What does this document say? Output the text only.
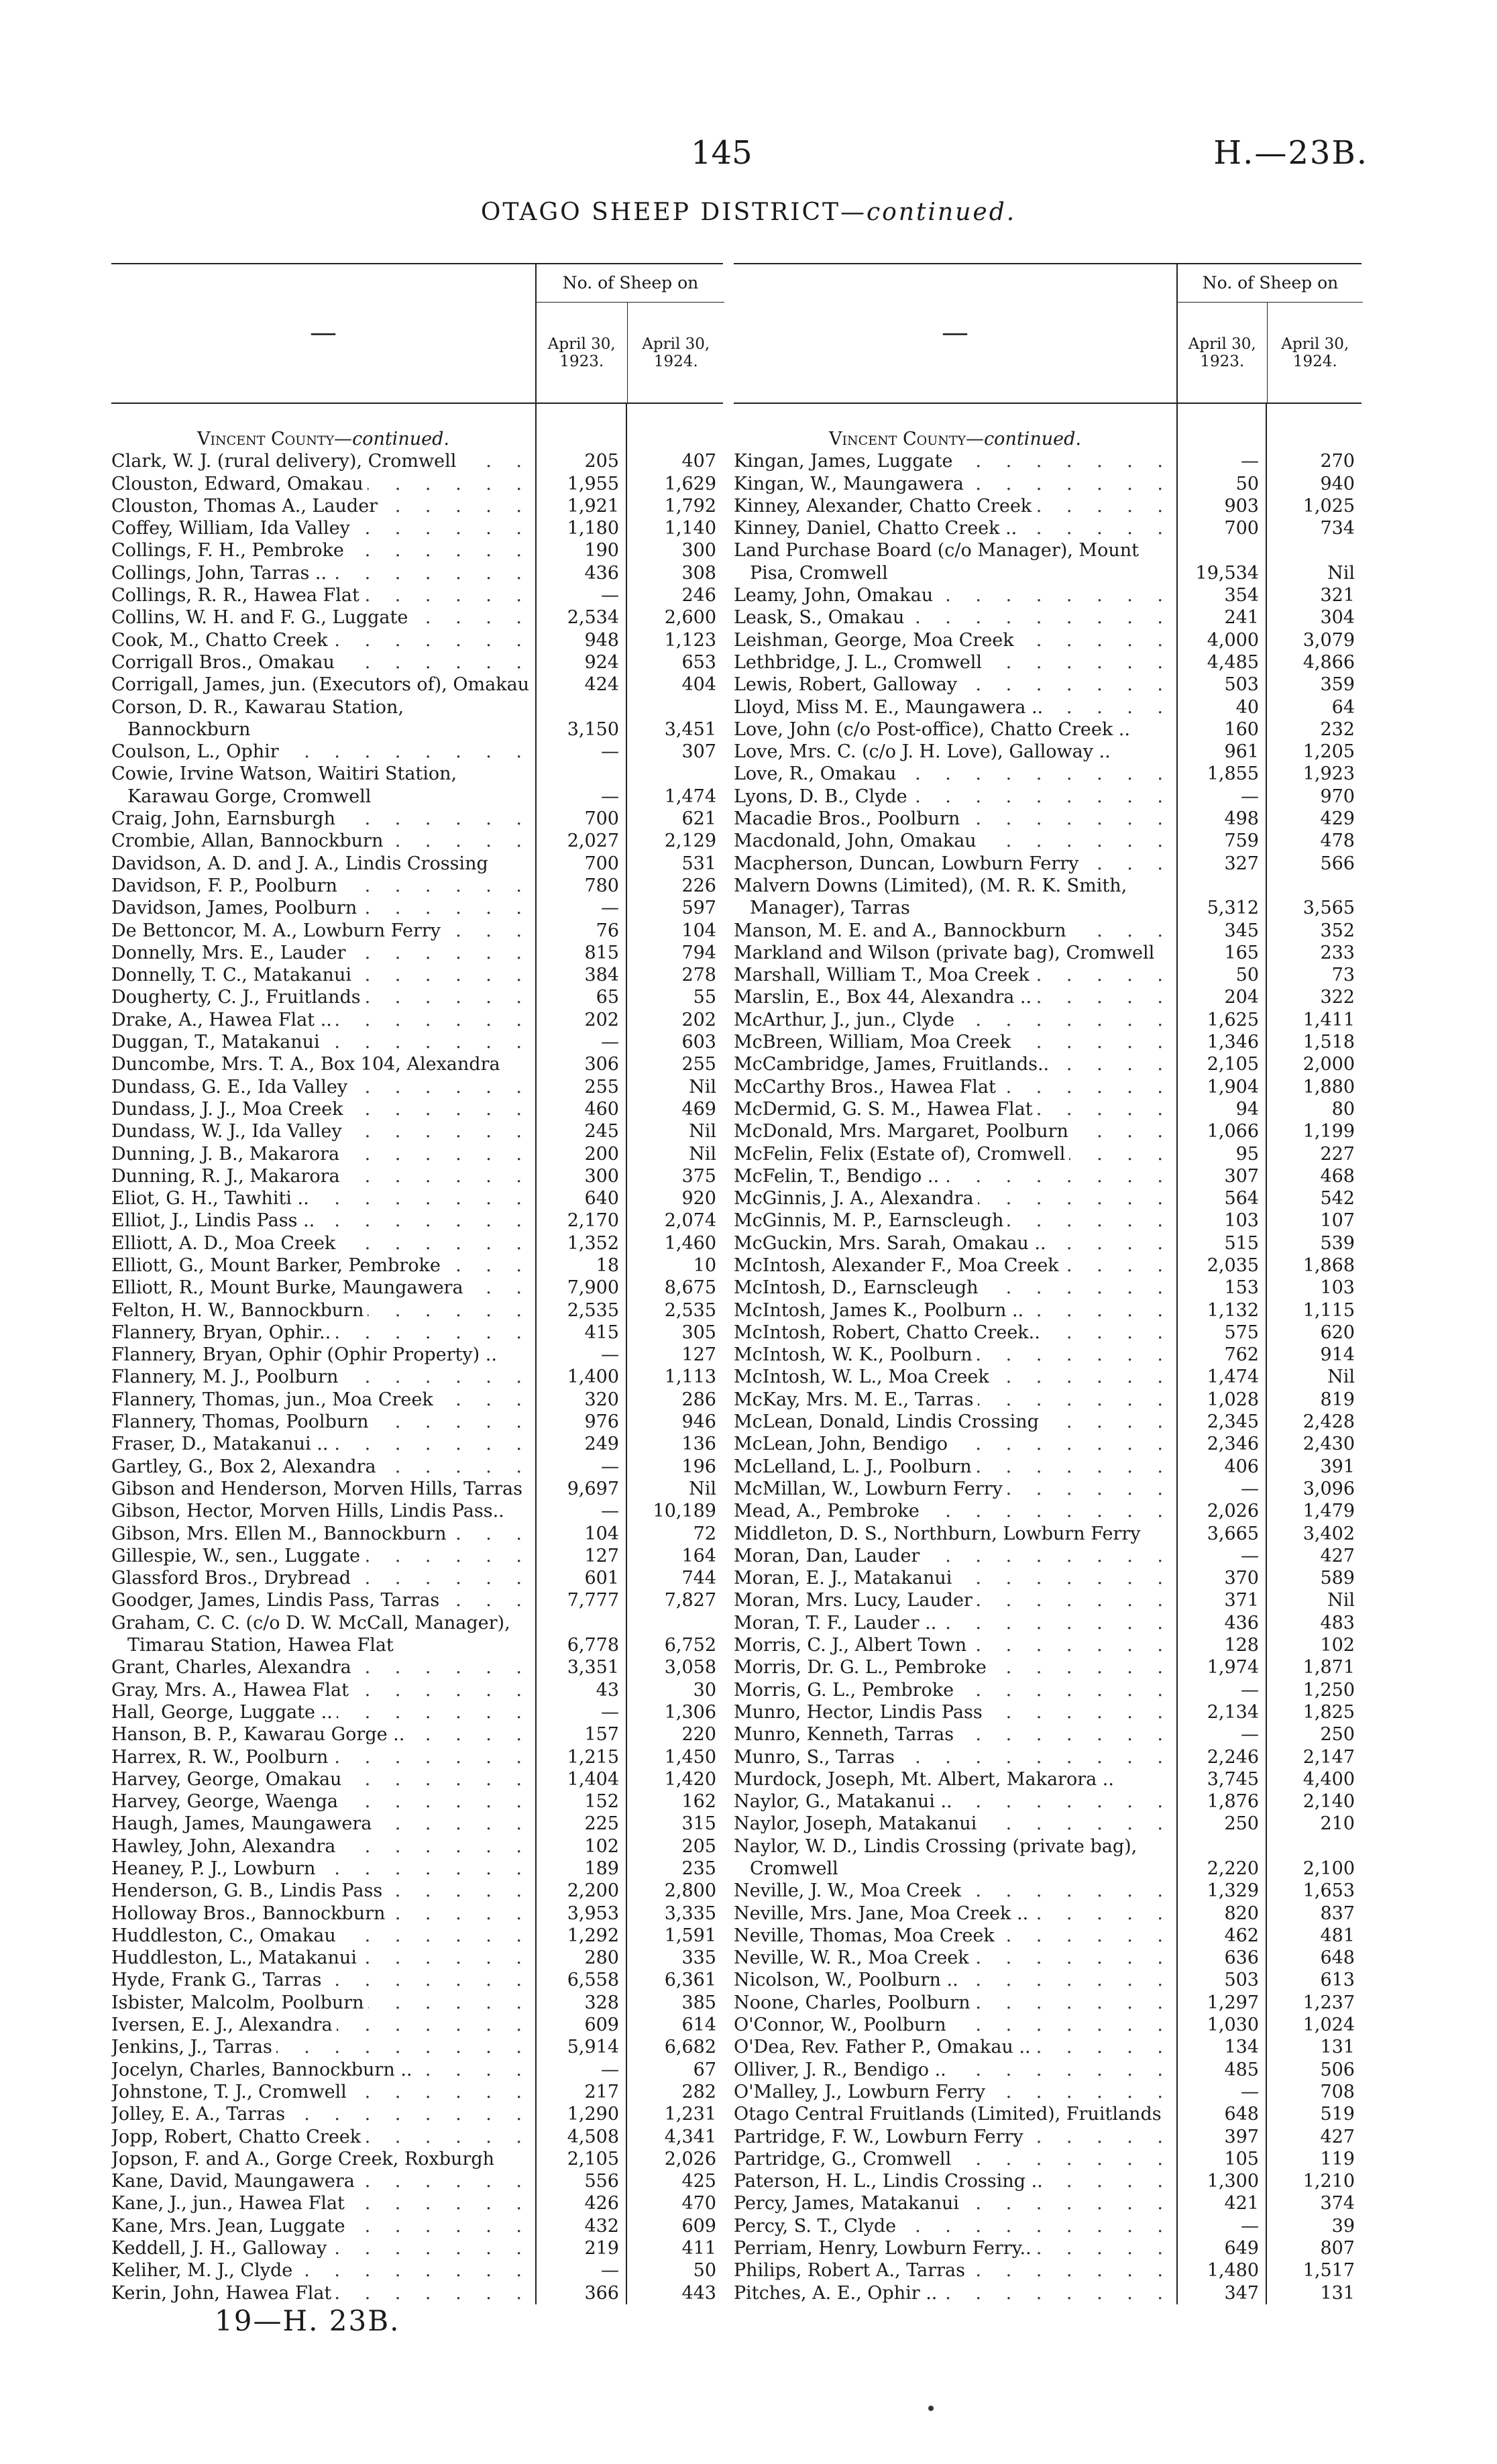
145	H.—23B.
OTAGO SHEEP DISTRICT—continued.
—
No. of Sheep on
April 30, 1923.
April 30, 1924.
Vincent County—continued.
Clark, W. J. (rural delivery), Cromwell . . .	205	407
Clouston, Edward, Omakau . . .	1,955	1,629
Clouston, Thomas A., Lauder . . .	1,921	1,792
Coffey, William, Ida Valley . . .	1,180	1,140
Collings, F. H., Pembroke . . .	190	300
Collings, John, Tarras .. . . .	436	308
Collings, R. R., Hawea Flat . . .	—	246
Collins, W. H. and F. G., Luggate . . .	2,534	2,600
Cook, M., Chatto Creek . . .	948	1,123
Corrigall Bros., Omakau . . .	924	653
Corrigall, James, jun. (Executors of), Omakau	424	404
Corson, D. R., Kawarau Station, Bannockburn	3,150	3,451
Coulson, L., Ophir . . .	—	307
Cowie, Irvine Watson, Waitiri Station, Karawau Gorge, Cromwell	—	1,474
Craig, John, Earnsburgh . . .	700	621
Crombie, Allan, Bannockburn . . .	2,027	2,129
Davidson, A. D. and J. A., Lindis Crossing	700	531
Davidson, F. P., Poolburn . . .	780	226
Davidson, James, Poolburn . . .	—	597
De Bettoncor, M. A., Lowburn Ferry . . .	76	104
Donnelly, Mrs. E., Lauder . . .	815	794
Donnelly, T. C., Matakanui . . .	384	278
Dougherty, C. J., Fruitlands . . .	65	55
Drake, A., Hawea Flat .. . . .	202	202
Duggan, T., Matakanui . . .	—	603
Duncombe, Mrs. T. A., Box 104, Alexandra	306	255
Dundass, G. E., Ida Valley . . .	255	Nil
Dundass, J. J., Moa Creek . . .	460	469
Dundass, W. J., Ida Valley . . .	245	Nil
Dunning, J. B., Makarora . . .	200	Nil
Dunning, R. J., Makarora . . .	300	375
Eliot, G. H., Tawhiti .. . . .	640	920
Elliot, J., Lindis Pass .. . . .	2,170	2,074
Elliott, A. D., Moa Creek . . .	1,352	1,460
Elliott, G., Mount Barker, Pembroke . . .	18	10
Elliott, R., Mount Burke, Maungawera . . .	7,900	8,675
Felton, H. W., Bannockburn . . .	2,535	2,535
Flannery, Bryan, Ophir.. . . .	415	305
Flannery, Bryan, Ophir (Ophir Property) ..	—	127
Flannery, M. J., Poolburn . . .	1,400	1,113
Flannery, Thomas, jun., Moa Creek . . .	320	286
Flannery, Thomas, Poolburn . . .	976	946
Fraser, D., Matakanui .. . . .	249	136
Gartley, G., Box 2, Alexandra . . .	—	196
Gibson and Henderson, Morven Hills, Tarras	9,697	Nil
Gibson, Hector, Morven Hills, Lindis Pass..	—	10,189
Gibson, Mrs. Ellen M., Bannockburn . . .	104	72
Gillespie, W., sen., Luggate . . .	127	164
Glassford Bros., Drybread . . .	601	744
Goodger, James, Lindis Pass, Tarras . . .	7,777	7,827
Graham, C. C. (c/o D. W. McCall, Manager), Timarau Station, Hawea Flat	6,778	6,752
Grant, Charles, Alexandra . . .	3,351	3,058
Gray, Mrs. A., Hawea Flat . . .	43	30
Hall, George, Luggate .. . . .	—	1,306
Hanson, B. P., Kawarau Gorge .. . . .	157	220
Harrex, R. W., Poolburn . . .	1,215	1,450
Harvey, George, Omakau . . .	1,404	1,420
Harvey, George, Waenga . . .	152	162
Haugh, James, Maungawera . . .	225	315
Hawley, John, Alexandra . . .	102	205
Heaney, P. J., Lowburn . . .	189	235
Henderson, G. B., Lindis Pass . . .	2,200	2,800
Holloway Bros., Bannockburn . . .	3,953	3,335
Huddleston, C., Omakau . . .	1,292	1,591
Huddleston, L., Matakanui . . .	280	335
Hyde, Frank G., Tarras . . .	6,558	6,361
Isbister, Malcolm, Poolburn . . .	328	385
Iversen, E. J., Alexandra . . .	609	614
Jenkins, J., Tarras . . .	5,914	6,682
Jocelyn, Charles, Bannockburn .. . . .	—	67
Johnstone, T. J., Cromwell . . .	217	282
Jolley, E. A., Tarras . . .	1,290	1,231
Jopp, Robert, Chatto Creek . . .	4,508	4,341
Jopson, F. and A., Gorge Creek, Roxburgh	2,105	2,026
Kane, David, Maungawera . . .	556	425
Kane, J., jun., Hawea Flat . . .	426	470
Kane, Mrs. Jean, Luggate . . .	432	609
Keddell, J. H., Galloway . . .	219	411
Keliher, M. J., Clyde . . .	—	50
Kerin, John, Hawea Flat . . .	366	443
—
No. of Sheep on
April 30, 1923.
April 30, 1924.
Vincent County—continued.
Kingan, James, Luggate . . .	—	270
Kingan, W., Maungawera . . .	50	940
Kinney, Alexander, Chatto Creek . . .	903	1,025
Kinney, Daniel, Chatto Creek .. . . .	700	734
Land Purchase Board (c/o Manager), Mount Pisa, Cromwell	19,534	Nil
Leamy, John, Omakau . . .	354	321
Leask, S., Omakau . . .	241	304
Leishman, George, Moa Creek . . .	4,000	3,079
Lethbridge, J. L., Cromwell . . .	4,485	4,866
Lewis, Robert, Galloway . . .	503	359
Lloyd, Miss M. E., Maungawera .. . . .	40	64
Love, John (c/o Post-office), Chatto Creek ..	160	232
Love, Mrs. C. (c/o J. H. Love), Galloway ..	961	1,205
Love, R., Omakau . . .	1,855	1,923
Lyons, D. B., Clyde . . .	—	970
Macadie Bros., Poolburn . . .	498	429
Macdonald, John, Omakau . . .	759	478
Macpherson, Duncan, Lowburn Ferry . . .	327	566
Malvern Downs (Limited), (M. R. K. Smith, Manager), Tarras	5,312	3,565
Manson, M. E. and A., Bannockburn . . .	345	352
Markland and Wilson (private bag), Cromwell	165	233
Marshall, William T., Moa Creek . . .	50	73
Marslin, E., Box 44, Alexandra .. . . .	204	322
McArthur, J., jun., Clyde . . .	1,625	1,411
McBreen, William, Moa Creek . . .	1,346	1,518
McCambridge, James, Fruitlands.. . . .	2,105	2,000
McCarthy Bros., Hawea Flat . . .	1,904	1,880
McDermid, G. S. M., Hawea Flat . . .	94	80
McDonald, Mrs. Margaret, Poolburn . . .	1,066	1,199
McFelin, Felix (Estate of), Cromwell . . .	95	227
McFelin, T., Bendigo .. . . .	307	468
McGinnis, J. A., Alexandra . . .	564	542
McGinnis, M. P., Earnscleugh . . .	103	107
McGuckin, Mrs. Sarah, Omakau .. . . .	515	539
McIntosh, Alexander F., Moa Creek . . .	2,035	1,868
McIntosh, D., Earnscleugh . . .	153	103
McIntosh, James K., Poolburn .. . . .	1,132	1,115
McIntosh, Robert, Chatto Creek.. . . .	575	620
McIntosh, W. K., Poolburn . . .	762	914
McIntosh, W. L., Moa Creek . . .	1,474	Nil
McKay, Mrs. M. E., Tarras . . .	1,028	819
McLean, Donald, Lindis Crossing . . .	2,345	2,428
McLean, John, Bendigo . . .	2,346	2,430
McLelland, L. J., Poolburn . . .	406	391
McMillan, W., Lowburn Ferry . . .	—	3,096
Mead, A., Pembroke . . .	2,026	1,479
Middleton, D. S., Northburn, Lowburn Ferry	3,665	3,402
Moran, Dan, Lauder . . .	—	427
Moran, E. J., Matakanui . . .	370	589
Moran, Mrs. Lucy, Lauder . . .	371	Nil
Moran, T. F., Lauder .. . . .	436	483
Morris, C. J., Albert Town . . .	128	102
Morris, Dr. G. L., Pembroke . . .	1,974	1,871
Morris, G. L., Pembroke . . .	—	1,250
Munro, Hector, Lindis Pass . . .	2,134	1,825
Munro, Kenneth, Tarras . . .	—	250
Munro, S., Tarras . . .	2,246	2,147
Murdock, Joseph, Mt. Albert, Makarora ..	3,745	4,400
Naylor, G., Matakanui .. . . .	1,876	2,140
Naylor, Joseph, Matakanui . . .	250	210
Naylor, W. D., Lindis Crossing (private bag), Cromwell	2,220	2,100
Neville, J. W., Moa Creek . . .	1,329	1,653
Neville, Mrs. Jane, Moa Creek .. . . .	820	837
Neville, Thomas, Moa Creek . . .	462	481
Neville, W. R., Moa Creek . . .	636	648
Nicolson, W., Poolburn .. . . .	503	613
Noone, Charles, Poolburn . . .	1,297	1,237
O'Connor, W., Poolburn . . .	1,030	1,024
O'Dea, Rev. Father P., Omakau .. . . .	134	131
Olliver, J. R., Bendigo .. . . .	485	506
O'Malley, J., Lowburn Ferry . . .	—	708
Otago Central Fruitlands (Limited), Fruitlands	648	519
Partridge, F. W., Lowburn Ferry . . .	397	427
Partridge, G., Cromwell . . .	105	119
Paterson, H. L., Lindis Crossing .. . . .	1,300	1,210
Percy, James, Matakanui . . .	421	374
Percy, S. T., Clyde . . .	—	39
Perriam, Henry, Lowburn Ferry.. . . .	649	807
Philips, Robert A., Tarras . . .	1,480	1,517
Pitches, A. E., Ophir .. . . .	347	131
19—H. 23B.
